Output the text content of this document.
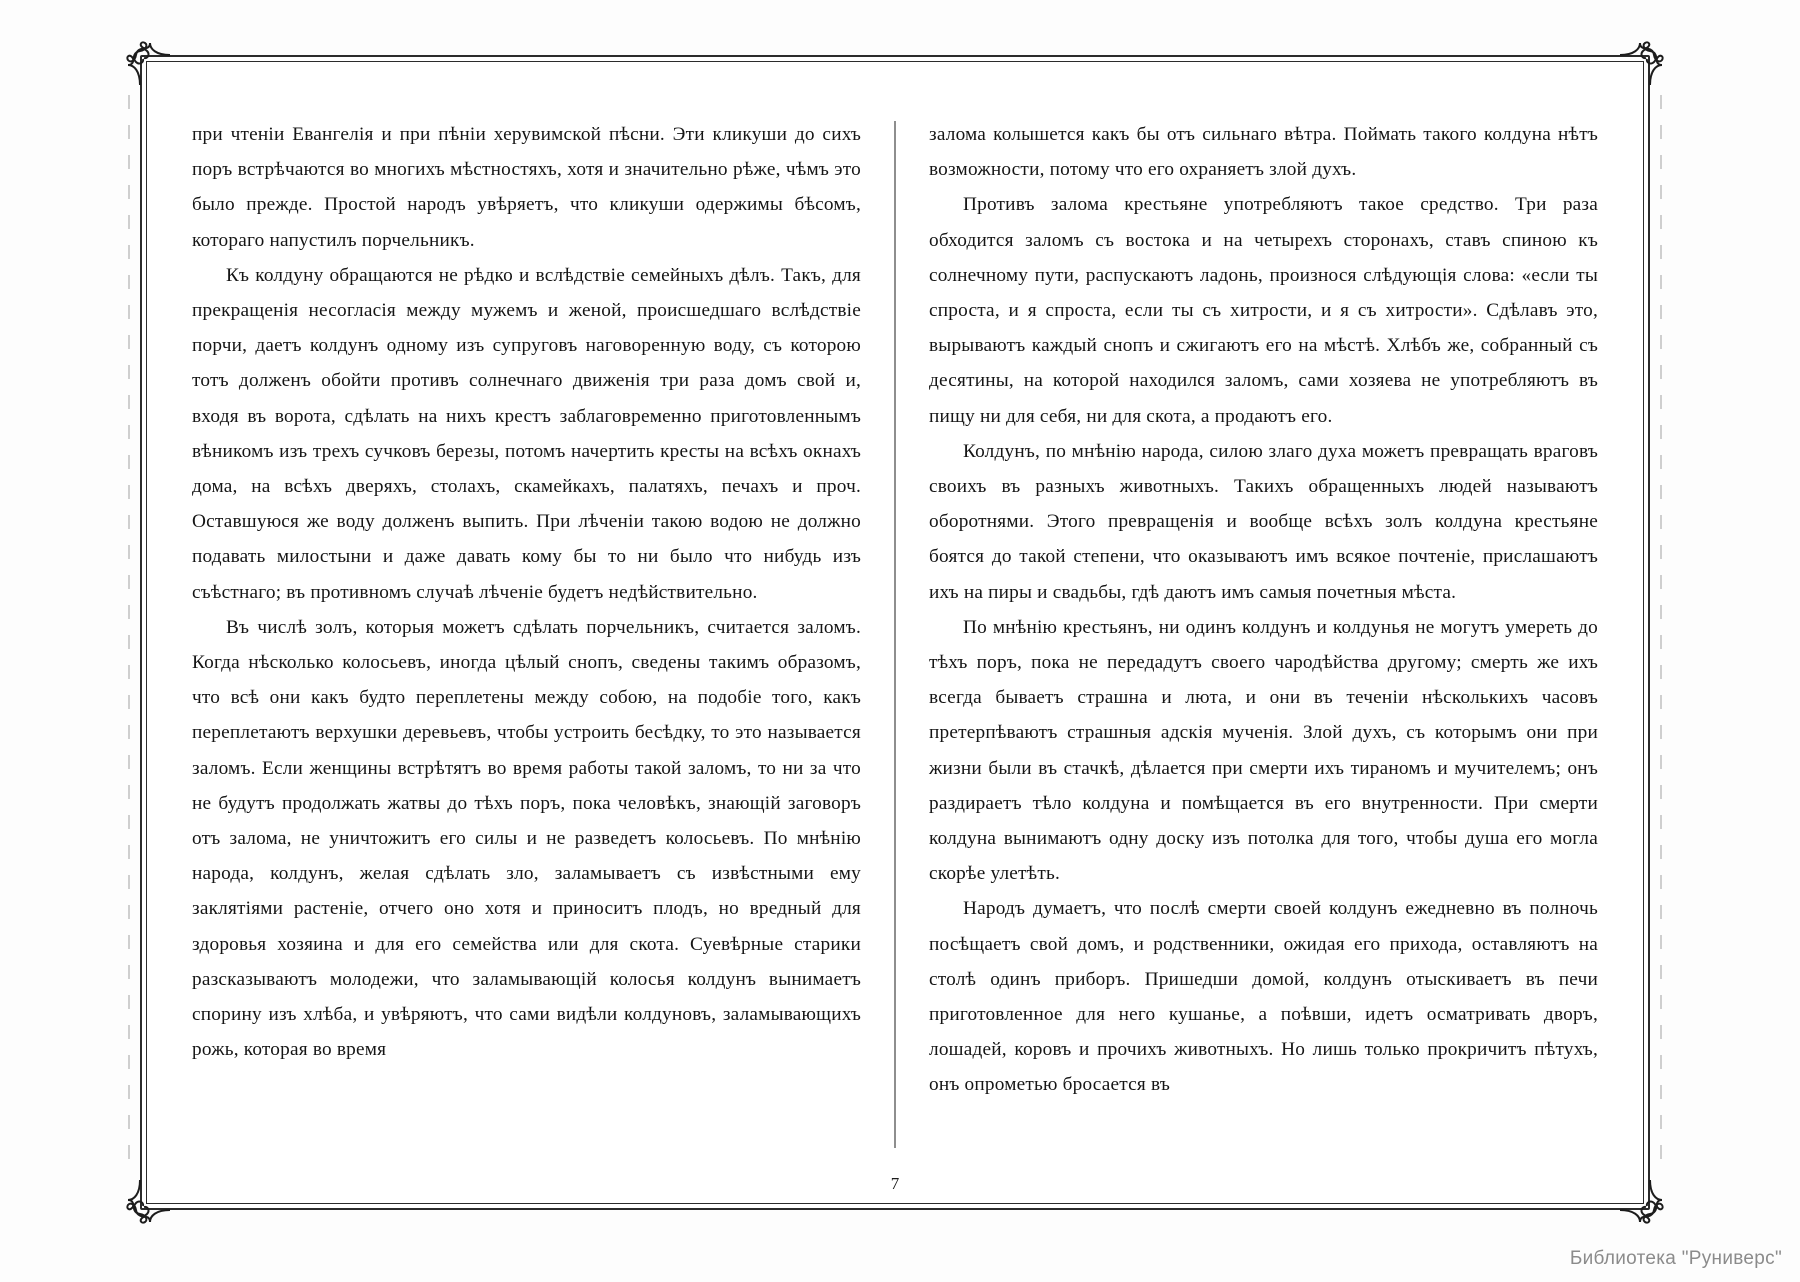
при чтеніи Евангелія и при пѣніи херувимской пѣсни. Эти кликуши до сихъ поръ встрѣчаются во многихъ мѣстностяхъ, хотя и значительно рѣже, чѣмъ это было прежде. Простой народъ увѣряетъ, что кликуши одержимы бѣсомъ, котораго напустилъ порчельникъ.

Къ колдуну обращаются не рѣдко и вслѣдствіе семейныхъ дѣлъ. Такъ, для прекращенія несогласія между мужемъ и женой, происшедшаго вслѣдствіе порчи, даетъ колдунъ одному изъ супруговъ наговоренную воду, съ которою тотъ долженъ обойти противъ солнечнаго движенія три раза домъ свой и, входя въ ворота, сдѣлать на нихъ крестъ заблаговременно приготовленнымъ вѣникомъ изъ трехъ сучковъ березы, потомъ начертить кресты на всѣхъ окнахъ дома, на всѣхъ дверяхъ, столахъ, скамейкахъ, палатяхъ, печахъ и проч. Оставшуюся же воду долженъ выпить. При лѣченіи такою водою не должно подавать милостыни и даже давать кому бы то ни было что нибудь изъ съѣстнаго; въ противномъ случаѣ лѣченіе будетъ недѣйствительно.

Въ числѣ золъ, которыя можетъ сдѣлать порчельникъ, считается заломъ. Когда нѣсколько колосьевъ, иногда цѣлый снопъ, сведены такимъ образомъ, что всѣ они какъ будто переплетены между собою, на подобіе того, какъ переплетаютъ верхушки деревьевъ, чтобы устроить бесѣдку, то это называется заломъ. Если женщины встрѣтятъ во время работы такой заломъ, то ни за что не будутъ продолжать жатвы до тѣхъ поръ, пока человѣкъ, знающій заговоръ отъ залома, не уничтожитъ его силы и не разведетъ колосьевъ. По мнѣнію народа, колдунъ, желая сдѣлать зло, заламываетъ съ извѣстными ему заклятіями растеніе, отчего оно хотя и приноситъ плодъ, но вредный для здоровья хозяина и для его семейства или для скота. Суевѣрные старики разсказываютъ молодежи, что заламывающій колосья колдунъ вынимаетъ спорину изъ хлѣба, и увѣряютъ, что сами видѣли колдуновъ, заламывающихъ рожь, которая во время

залома колышется какъ бы отъ сильнаго вѣтра. Поймать такого колдуна нѣтъ возможности, потому что его охраняетъ злой духъ.

Противъ залома крестьяне употребляютъ такое средство. Три раза обходится заломъ съ востока и на четырехъ сторонахъ, ставъ спиною къ солнечному пути, распускаютъ ладонь, произнося слѣдующія слова: «если ты спроста, и я спроста, если ты съ хитрости, и я съ хитрости». Сдѣлавъ это, вырываютъ каждый снопъ и сжигаютъ его на мѣстѣ. Хлѣбъ же, собранный съ десятины, на которой находился заломъ, сами хозяева не употребляютъ въ пищу ни для себя, ни для скота, а продаютъ его.

Колдунъ, по мнѣнію народа, силою злаго духа можетъ превращать враговъ своихъ въ разныхъ животныхъ. Такихъ обращенныхъ людей называютъ оборотнями. Этого превращенія и вообще всѣхъ золъ колдуна крестьяне боятся до такой степени, что оказываютъ имъ всякое почтеніе, прислашаютъ ихъ на пиры и свадьбы, гдѣ даютъ имъ самыя почетныя мѣста.

По мнѣнію крестьянъ, ни одинъ колдунъ и колдунья не могутъ умереть до тѣхъ поръ, пока не передадутъ своего чародѣйства другому; смерть же ихъ всегда бываетъ страшна и люта, и они въ теченіи нѣсколькихъ часовъ претерпѣваютъ страшныя адскія мученія. Злой духъ, съ которымъ они при жизни были въ стачкѣ, дѣлается при смерти ихъ тираномъ и мучителемъ; онъ раздираетъ тѣло колдуна и помѣщается въ его внутренности. При смерти колдуна вынимаютъ одну доску изъ потолка для того, чтобы душа его могла скорѣе улетѣть.

Народъ думаетъ, что послѣ смерти своей колдунъ ежедневно въ полночь посѣщаетъ свой домъ, и родственники, ожидая его прихода, оставляютъ на столѣ одинъ приборъ. Пришедши домой, колдунъ отыскиваетъ въ печи приготовленное для него кушанье, а поѣвши, идетъ осматривать дворъ, лошадей, коровъ и прочихъ животныхъ. Но лишь только прокричитъ пѣтухъ, онъ опрометью бросается въ

7
Библиотека "Руниверс"
